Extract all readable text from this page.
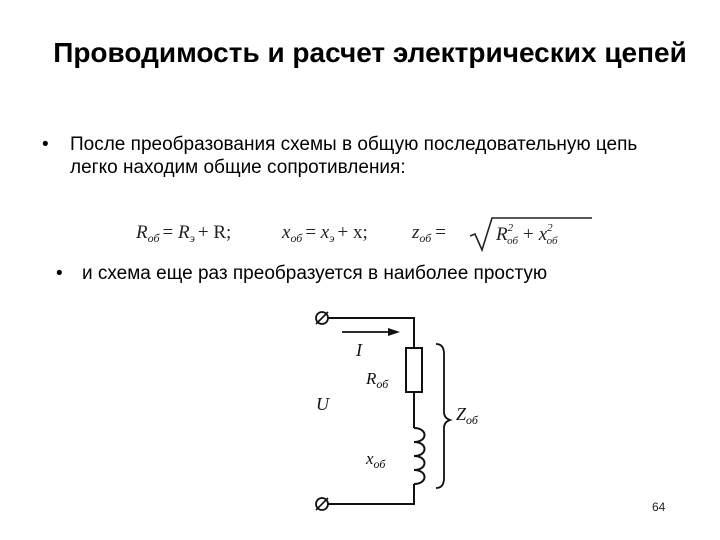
Проводимость и расчет электрических цепей
• После преобразования схемы в общую последовательную цепь легко находим общие сопротивления:
$R_{об} = R_э + R$;	$x_{об} = x_э + x$; $z_{об}$ =	$R^2$ об + $x^2$ об
• и схема еще раз преобразуется в наиболее простую
I
$R_{об}$
$x_{об}$
U	$Z_{об}$
64
